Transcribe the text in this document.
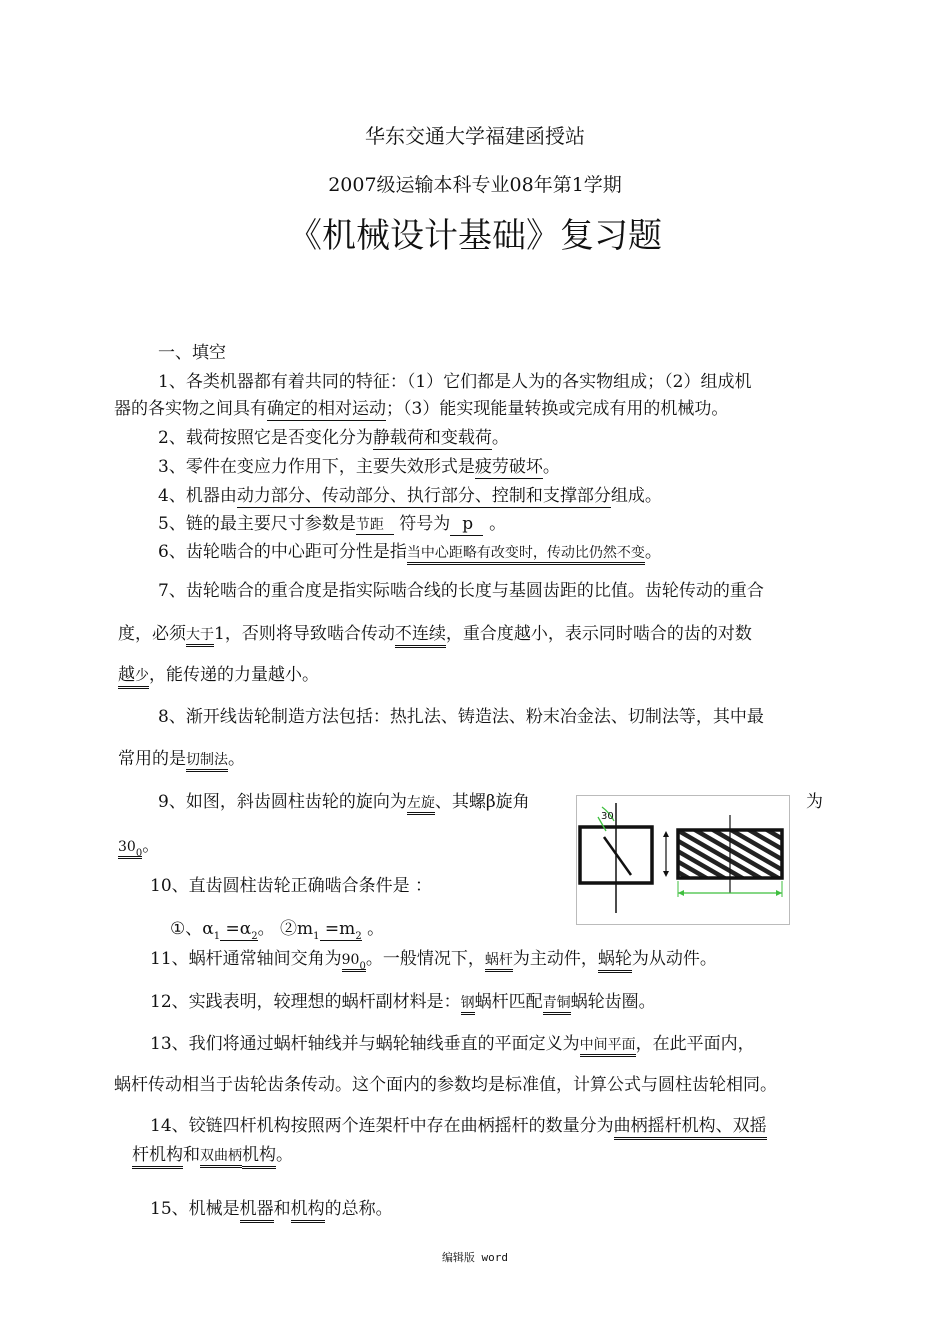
华东交通大学福建函授站
2007级运输本科专业08年第1学期
《机械设计基础》复习题
一、填空
1、各类机器都有着共同的特征：（1）它们都是人为的各实物组成；（2）组成机
器的各实物之间具有确定的相对运动；（3）能实现能量转换或完成有用的机械功。
2、载荷按照它是否变化分为静载荷和变载荷。
3、零件在变应力作用下，主要失效形式是疲劳破坏。
4、机器由动力部分、传动部分、执行部分、控制和支撑部分组成。
5、链的最主要尺寸参数是节距 符号为 p 。
6、齿轮啮合的中心距可分性是指当中心距略有改变时，传动比仍然不变。
7、齿轮啮合的重合度是指实际啮合线的长度与基圆齿距的比值。齿轮传动的重合
度，必须大于1，否则将导致啮合传动不连续，重合度越小，表示同时啮合的齿的对数
越少，能传递的力量越小。
8、渐开线齿轮制造方法包括：热扎法、铸造法、粉末冶金法、切制法等，其中最
常用的是切制法。
9、如图，斜齿圆柱齿轮的旋向为左旋、其螺β旋角	为
$30_0$。
30
10、直齿圆柱齿轮正确啮合条件是 ：
①、$\alpha_1 =\alpha_2$。 $②m_1 =m_2$ 。
11、蜗杆通常轴间交角为$90_0$。一般情况下，蜗杆为主动件，蜗轮为从动件。
12、实践表明，较理想的蜗杆副材料是：钢蜗杆匹配青铜蜗轮齿圈。
13、我们将通过蜗杆轴线并与蜗轮轴线垂直的平面定义为中间平面，在此平面内，
蜗杆传动相当于齿轮齿条传动。这个面内的参数均是标准值，计算公式与圆柱齿轮相同。
14、铰链四杆机构按照两个连架杆中存在曲柄摇杆的数量分为曲柄摇杆机构、双摇
杆机构和双曲柄机构。
15、机械是机器和机构的总称。
编辑版 word
